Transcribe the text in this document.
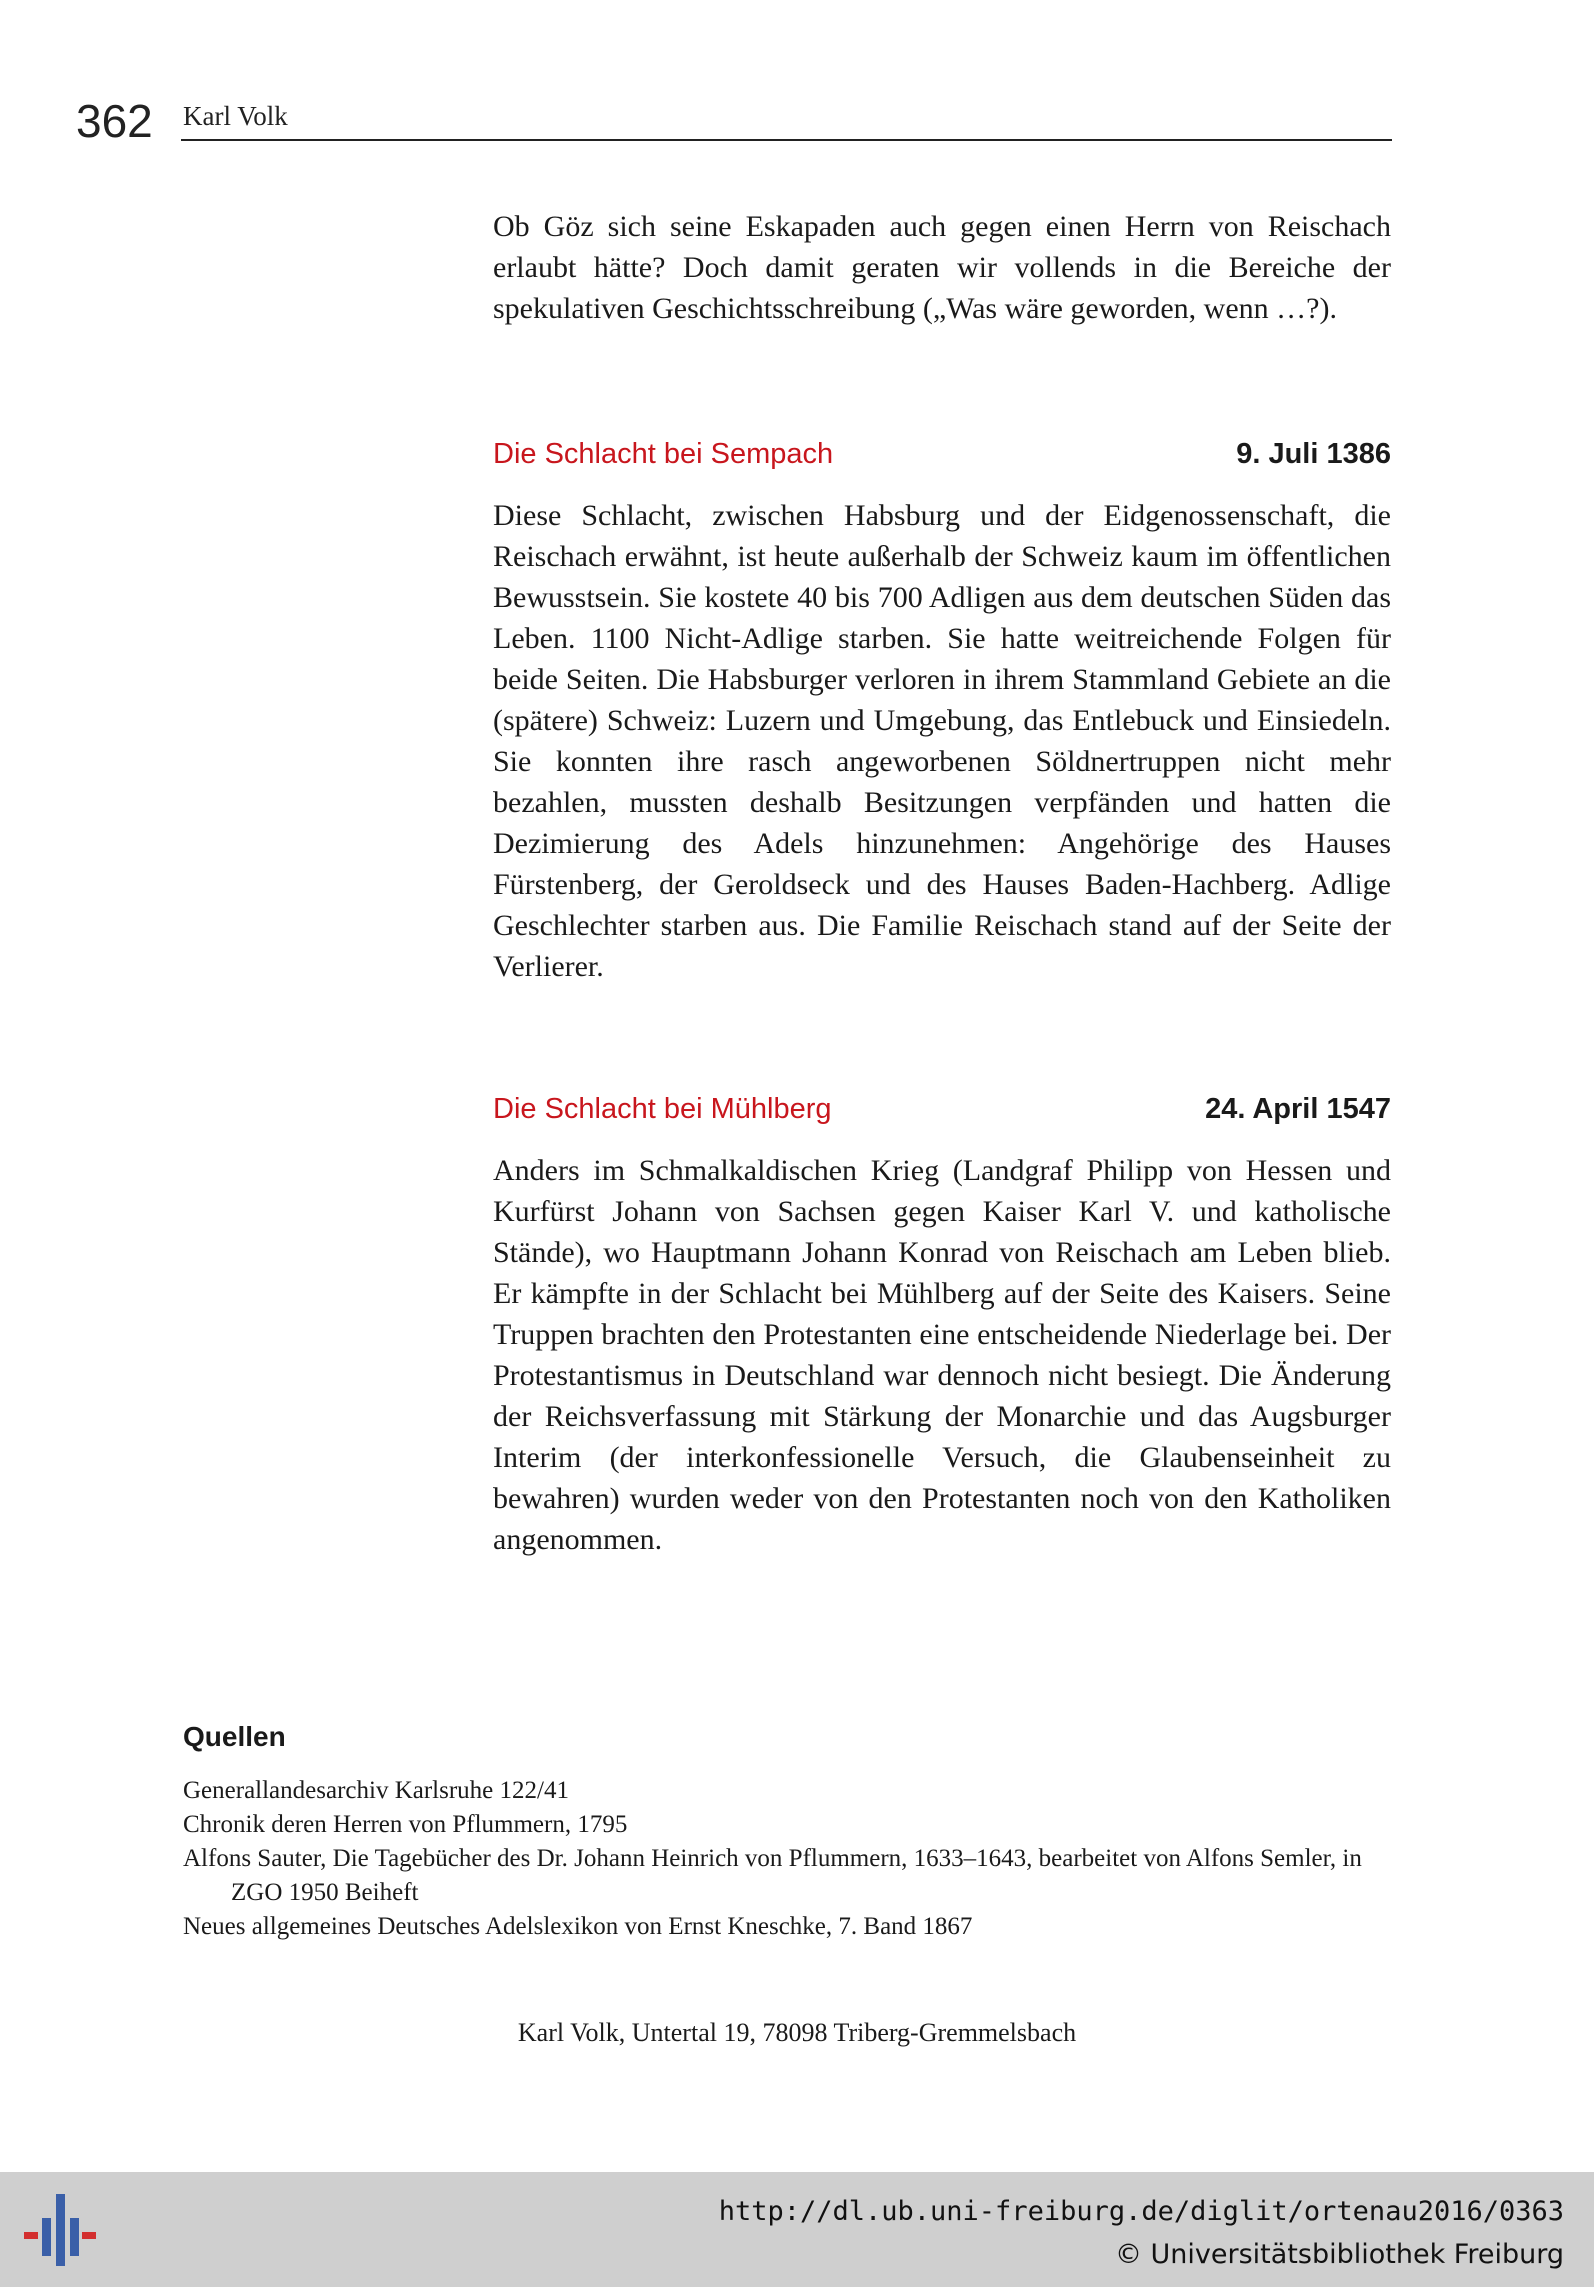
362 Karl Volk

Ob Göz sich seine Eskapaden auch gegen einen Herrn von Reischach erlaubt hätte? Doch damit geraten wir vollends in die Bereiche der spekulativen Geschichtsschreibung („Was wäre geworden, wenn …?).

Die Schlacht bei Sempach	9. Juli 1386

Diese Schlacht, zwischen Habsburg und der Eidgenossenschaft, die Reischach erwähnt, ist heute außerhalb der Schweiz kaum im öffentlichen Bewusstsein. Sie kostete 40 bis 700 Adligen aus dem deutschen Süden das Leben. 1100 Nicht-Adlige starben. Sie hatte weitreichende Folgen für beide Seiten. Die Habsburger verloren in ihrem Stammland Gebiete an die (spätere) Schweiz: Luzern und Umgebung, das Entlebuck und Einsiedeln. Sie konnten ihre rasch angeworbenen Söldnertruppen nicht mehr bezahlen, mussten deshalb Besitzungen verpfänden und hatten die Dezimierung des Adels hinzunehmen: Angehörige des Hauses Fürstenberg, der Geroldseck und des Hauses Baden-Hachberg. Adlige Geschlechter starben aus. Die Familie Reischach stand auf der Seite der Verlierer.

Die Schlacht bei Mühlberg	24. April 1547

Anders im Schmalkaldischen Krieg (Landgraf Philipp von Hessen und Kurfürst Johann von Sachsen gegen Kaiser Karl V. und katholische Stände), wo Hauptmann Johann Konrad von Reischach am Leben blieb. Er kämpfte in der Schlacht bei Mühlberg auf der Seite des Kaisers. Seine Truppen brachten den Protestanten eine entscheidende Niederlage bei. Der Protestantismus in Deutschland war dennoch nicht besiegt. Die Änderung der Reichsverfassung mit Stärkung der Monarchie und das Augsburger Interim (der interkonfessionelle Versuch, die Glaubenseinheit zu bewahren) wurden weder von den Protestanten noch von den Katholiken angenommen.

Quellen
Generallandesarchiv Karlsruhe 122/41
Chronik deren Herren von Pflummern, 1795
Alfons Sauter, Die Tagebücher des Dr. Johann Heinrich von Pflummern, 1633–1643, bearbeitet von Alfons Semler, in ZGO 1950 Beiheft
Neues allgemeines Deutsches Adelslexikon von Ernst Kneschke, 7. Band 1867
Karl Volk, Untertal 19, 78098 Triberg-Gremmelsbach
http://dl.ub.uni-freiburg.de/diglit/ortenau2016/0363
© Universitätsbibliothek Freiburg
